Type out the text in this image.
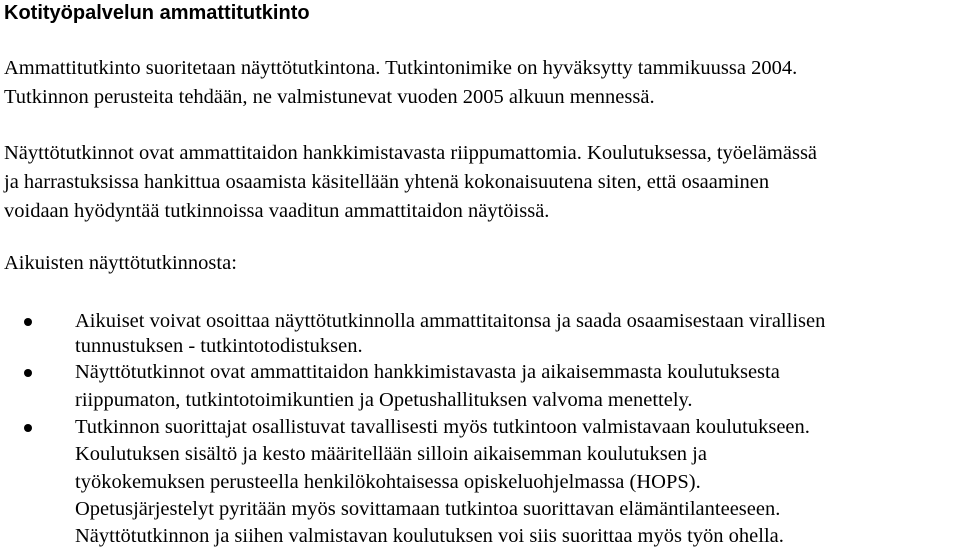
Kotityöpalvelun ammattitutkinto
Ammattitutkinto suoritetaan näyttötutkintona. Tutkintonimike on hyväksytty tammikuussa 2004.
Tutkinnon perusteita tehdään, ne valmistunevat vuoden 2005 alkuun mennessä.
Näyttötutkinnot ovat ammattitaidon hankkimistavasta riippumattomia. Koulutuksessa, työelämässä
ja harrastuksissa hankittua osaamista käsitellään yhtenä kokonaisuutena siten, että osaaminen
voidaan hyödyntää tutkinnoissa vaaditun ammattitaidon näytöissä.
Aikuisten näyttötutkinnosta:
Aikuiset voivat osoittaa näyttötutkinnolla ammattitaitonsa ja saada osaamisestaan virallisen
tunnustuksen - tutkintotodistuksen.
Näyttötutkinnot ovat ammattitaidon hankkimistavasta ja aikaisemmasta koulutuksesta
riippumaton, tutkintotoimikuntien ja Opetushallituksen valvoma menettely.
Tutkinnon suorittajat osallistuvat tavallisesti myös tutkintoon valmistavaan koulutukseen.
Koulutuksen sisältö ja kesto määritellään silloin aikaisemman koulutuksen ja
työkokemuksen perusteella henkilökohtaisessa opiskeluohjelmassa (HOPS).
Opetusjärjestelyt pyritään myös sovittamaan tutkintoa suorittavan elämäntilanteeseen.
Näyttötutkinnon ja siihen valmistavan koulutuksen voi siis suorittaa myös työn ohella.
